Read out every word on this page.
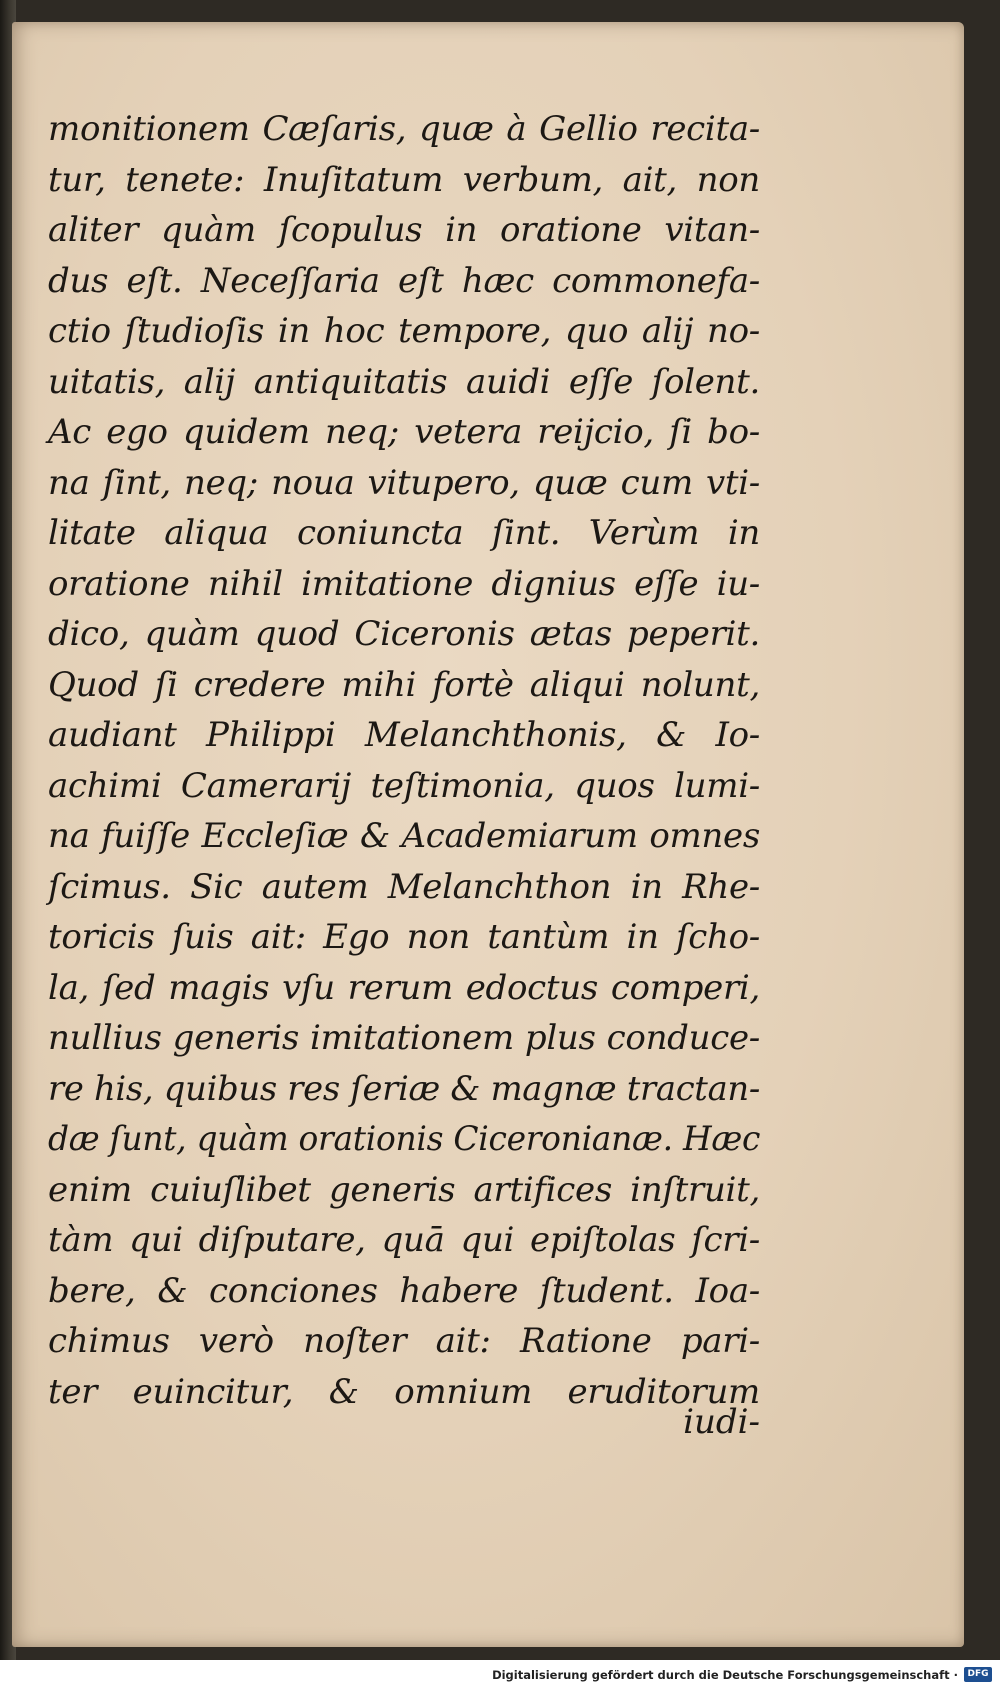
monitionem Cæſaris, quæ à Gellio recita-
tur, tenete: Inuſitatum verbum, ait, non
aliter quàm ſcopulus in oratione vitan-
dus eſt. Neceſſaria eſt hæc commonefa-
ctio ſtudioſis in hoc tempore, quo alij no-
uitatis, alij antiquitatis auidi eſſe ſolent.
Ac ego quidem neq; vetera reijcio, ſi bo-
na ſint, neq; noua vitupero, quæ cum vti-
litate aliqua coniuncta ſint. Verùm in
oratione nihil imitatione dignius eſſe iu-
dico, quàm quod Ciceronis ætas peperit.
Quod ſi credere mihi fortè aliqui nolunt,
audiant Philippi Melanchthonis, & Io-
achimi Camerarij teſtimonia, quos lumi-
na fuiſſe Eccleſiæ & Academiarum omnes
ſcimus. Sic autem Melanchthon in Rhe-
toricis ſuis ait: Ego non tantùm in ſcho-
la, ſed magis vſu rerum edoctus comperi,
nullius generis imitationem plus conduce-
re his, quibus res ſeriæ & magnæ tractan-
dæ ſunt, quàm orationis Ciceronianæ. Hæc
enim cuiuſlibet generis artifices inſtruit,
tàm qui diſputare, quā qui epiſtolas ſcri-
bere, & conciones habere ſtudent. Ioa-
chimus verò noſter ait: Ratione pari-
ter euincitur, & omnium eruditorum
iudi-
Digitalisierung gefördert durch die Deutsche Forschungsgemeinschaft ·	DFG
